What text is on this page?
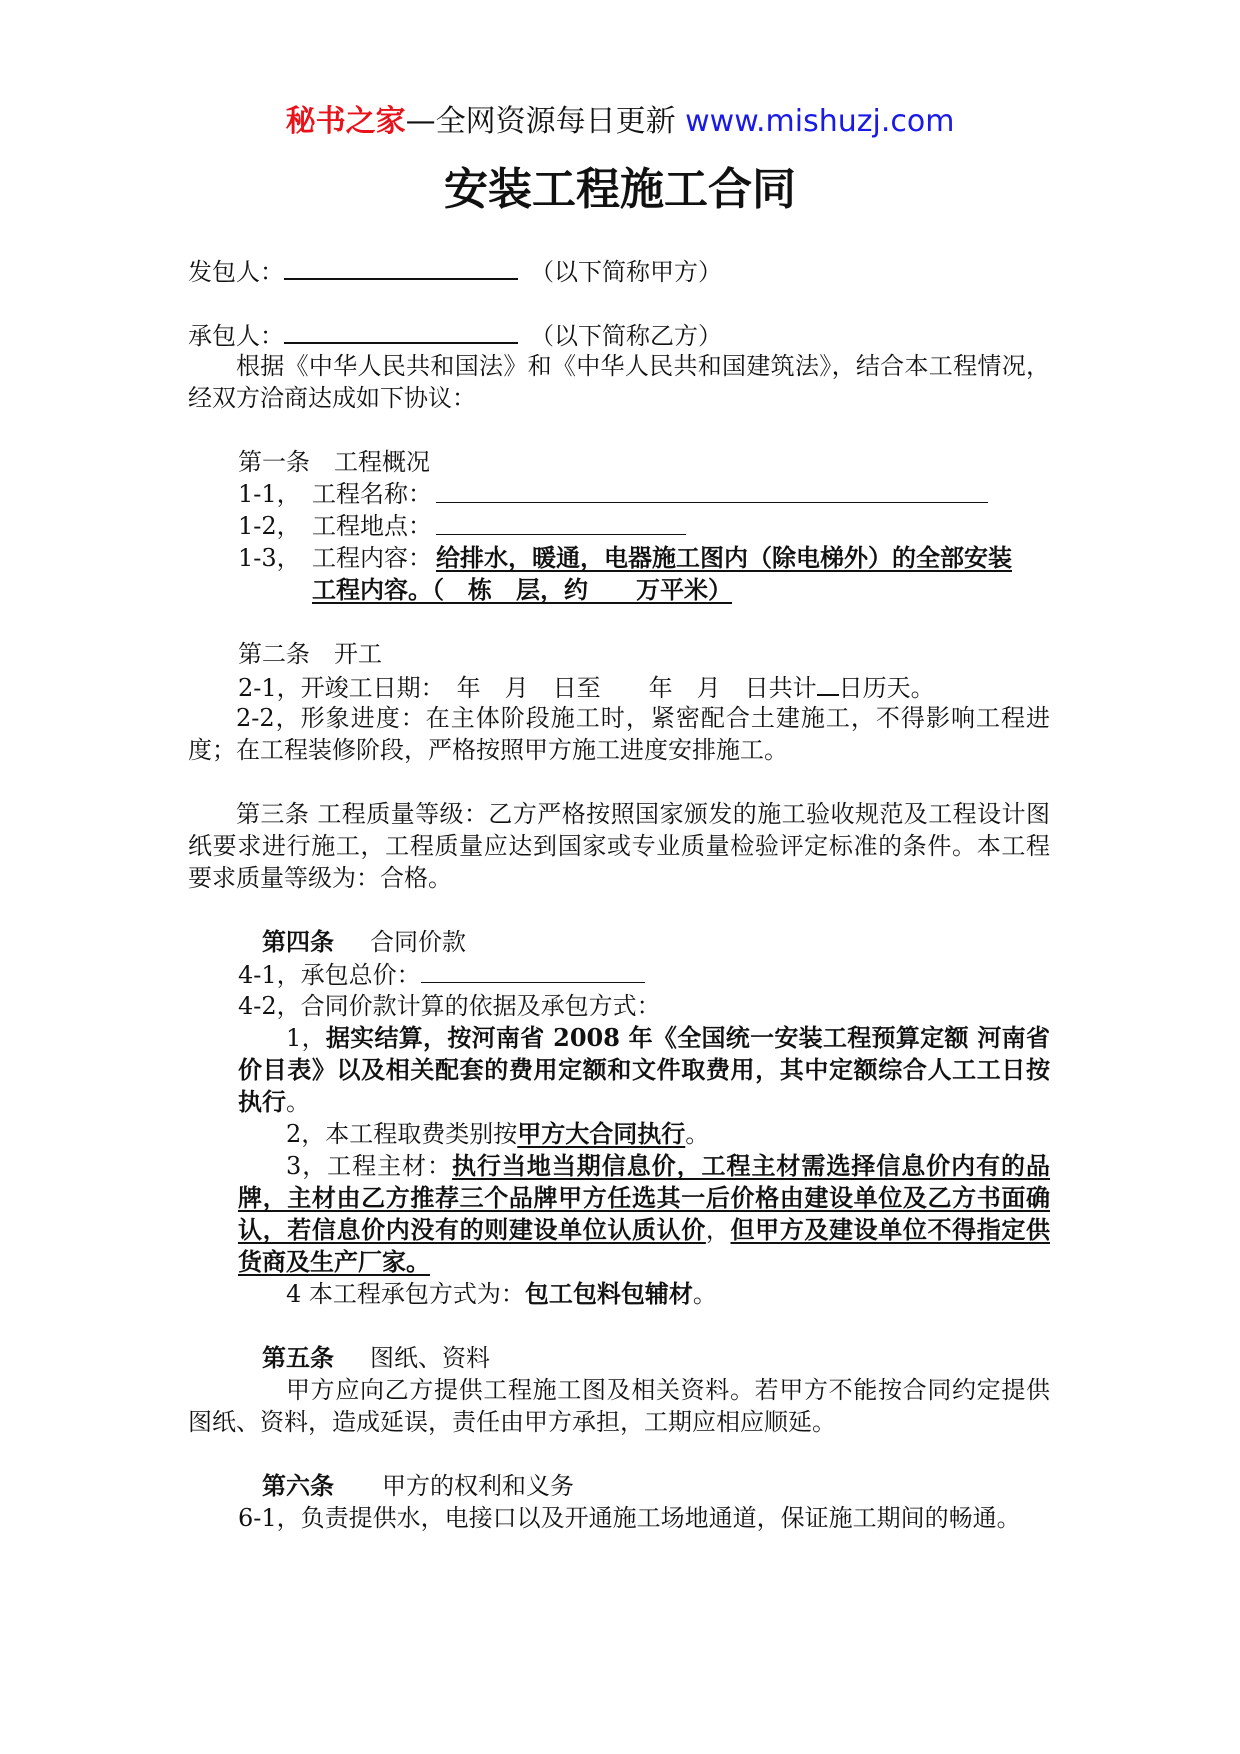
秘书之家—全网资源每日更新 www.mishuzj.com
安装工程施工合同
发包人：	（以下简称甲方）
承包人：	（以下简称乙方）
根据《中华人民共和国法》和《中华人民共和国建筑法》，结合本工程情况，经双方洽商达成如下协议：
第一条　工程概况
1-1， 工程名称：
1-2， 工程地点：
1-3， 工程内容： 给排水，暖通，电器施工图内（除电梯外）的全部安装
工程内容。（　栋　层，约　　万平米）
第二条　开工
2-1，开竣工日期：　年　月　日至　　年　月　日共计 日历天。
2-2，形象进度：在主体阶段施工时，紧密配合土建施工，不得影响工程进度；在工程装修阶段，严格按照甲方施工进度安排施工。
第三条 工程质量等级：乙方严格按照国家颁发的施工验收规范及工程设计图纸要求进行施工，工程质量应达到国家或专业质量检验评定标准的条件。本工程要求质量等级为：合格。
第四条 合同价款
4-1，承包总价：
4-2，合同价款计算的依据及承包方式：
1，据实结算，按河南省 2008 年《全国统一安装工程预算定额 河南省价目表》以及相关配套的费用定额和文件取费用，其中定额综合人工工日按　　执行。
2，本工程取费类别按甲方大合同执行。
3，工程主材：执行当地当期信息价，工程主材需选择信息价内有的品牌，主材由乙方推荐三个品牌甲方任选其一后价格由建设单位及乙方书面确认，若信息价内没有的则建设单位认质认价，但甲方及建设单位不得指定供货商及生产厂家。
4 本工程承包方式为：包工包料包辅材。
第五条 图纸、资料
甲方应向乙方提供工程施工图及相关资料。若甲方不能按合同约定提供图纸、资料，造成延误，责任由甲方承担，工期应相应顺延。
第六条 甲方的权利和义务
6-1，负责提供水，电接口以及开通施工场地通道，保证施工期间的畅通。
